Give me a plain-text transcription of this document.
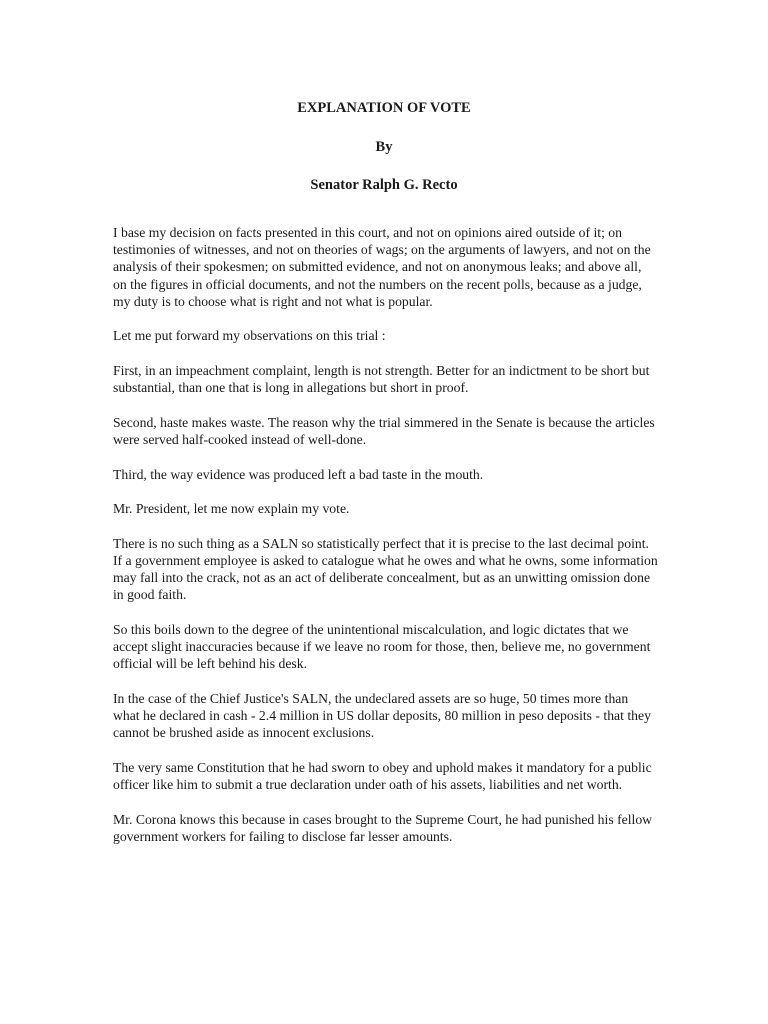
EXPLANATION OF VOTE
By
Senator Ralph G. Recto

I base my decision on facts presented in this court, and not on opinions aired outside of it; on testimonies of witnesses, and not on theories of wags; on the arguments of lawyers, and not on the analysis of their spokesmen; on submitted evidence, and not on anonymous leaks; and above all, on the figures in official documents, and not the numbers on the recent polls, because as a judge, my duty is to choose what is right and not what is popular.

Let me put forward my observations on this trial :

First, in an impeachment complaint, length is not strength. Better for an indictment to be short but substantial, than one that is long in allegations but short in proof.

Second, haste makes waste. The reason why the trial simmered in the Senate is because the articles were served half-cooked instead of well-done.

Third, the way evidence was produced left a bad taste in the mouth.

Mr. President, let me now explain my vote.

There is no such thing as a SALN so statistically perfect that it is precise to the last decimal point. If a government employee is asked to catalogue what he owes and what he owns, some information may fall into the crack, not as an act of deliberate concealment, but as an unwitting omission done in good faith.

So this boils down to the degree of the unintentional miscalculation, and logic dictates that we accept slight inaccuracies because if we leave no room for those, then, believe me, no government official will be left behind his desk.

In the case of the Chief Justice's SALN, the undeclared assets are so huge, 50 times more than what he declared in cash - 2.4 million in US dollar deposits, 80 million in peso deposits - that they cannot be brushed aside as innocent exclusions.

The very same Constitution that he had sworn to obey and uphold makes it mandatory for a public officer like him to submit a true declaration under oath of his assets, liabilities and net worth.

Mr. Corona knows this because in cases brought to the Supreme Court, he had punished his fellow government workers for failing to disclose far lesser amounts.
